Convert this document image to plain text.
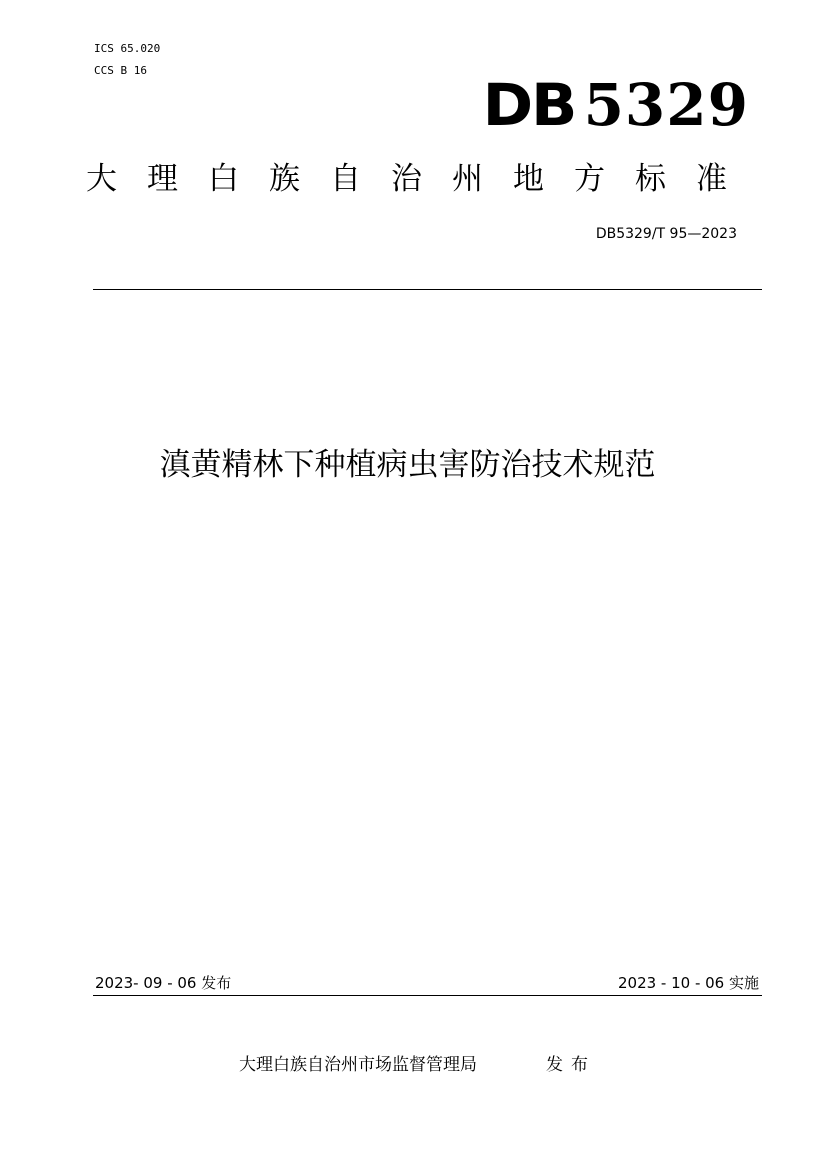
ICS 65.020
CCS B 16
DB 5329
大理白族自治州地方标准
DB5329/T 95—2023
滇黄精林下种植病虫害防治技术规范

2023- 09 - 06 发布

	2023 - 10 - 06 实施

大理白族自治州市场监督管理局	发布
